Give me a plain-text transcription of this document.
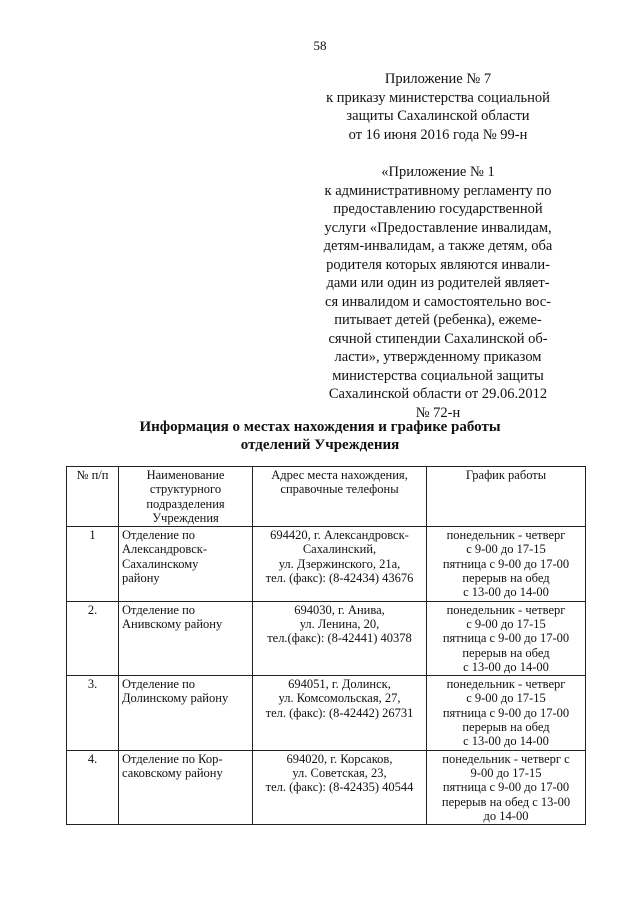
58
Приложение № 7
к приказу министерства социальной
защиты Сахалинской области
от 16 июня 2016 года № 99-н
«Приложение № 1
к административному регламенту по
предоставлению государственной
услуги «Предоставление инвалидам,
детям-инвалидам, а также детям, оба
родителя которых являются инвали-
дами или один из родителей являет-
ся инвалидом и самостоятельно вос-
питывает детей (ребенка), ежеме-
сячной стипендии Сахалинской об-
ласти», утвержденному приказом
министерства социальной защиты
Сахалинской области от 29.06.2012
№ 72-н
Информация о местах нахождения и графике работы
отделений Учреждения
№ п/п	Наименование
структурного
подразделения
Учреждения	Адрес места нахождения,
справочные телефоны	График работы

1	Отделение по
Александровск-
Сахалинскому
району	694420, г. Александровск-
Сахалинский,
ул. Дзержинского, 21а,
тел. (факс): (8-42434) 43676	понедельник - четверг
с 9-00 до 17-15
пятница с 9-00 до 17-00
перерыв на обед
с 13-00 до 14-00

2.	Отделение по
Анивскому району	694030, г. Анива,
ул. Ленина, 20,
тел.(факс): (8-42441) 40378	понедельник - четверг
с 9-00 до 17-15
пятница с 9-00 до 17-00
перерыв на обед
с 13-00 до 14-00

3.	Отделение по
Долинскому району	694051, г. Долинск,
ул. Комсомольская, 27,
тел. (факс): (8-42442) 26731	понедельник - четверг
с 9-00 до 17-15
пятница с 9-00 до 17-00
перерыв на обед
с 13-00 до 14-00

4.	Отделение по Кор-
саковскому району	694020, г. Корсаков,
ул. Советская, 23,
тел. (факс): (8-42435) 40544	понедельник - четверг с
9-00 до 17-15
пятница с 9-00 до 17-00
перерыв на обед с 13-00
до 14-00
